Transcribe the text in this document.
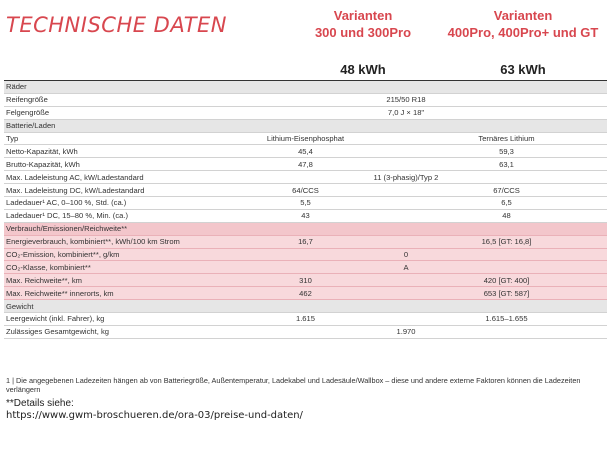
TECHNISCHE DATEN	Varianten
300 und 300Pro
Varianten
400Pro, 400Pro+ und GT
48 kWh	63 kWh
Räder		
Reifengröße	215/50 R18	
Felgengröße	7,0 J × 18"	
Batterie/Laden		
Typ	Lithium-Eisenphosphat	Ternäres Lithium
Netto-Kapazität, kWh	45,4	59,3
Brutto-Kapazität, kWh	47,8	63,1
Max. Ladeleistung AC, kW/Ladestandard	11 (3-phasig)/Typ 2	
Max. Ladeleistung DC, kW/Ladestandard	64/CCS	67/CCS
Ladedauer¹ AC, 0–100 %, Std. (ca.)	5,5	6,5
Ladedauer¹ DC, 15–80 %, Min. (ca.)	43	48
Verbrauch/Emissionen/Reichweite**		
Energieverbrauch, kombiniert**, kWh/100 km Strom	16,7	16,5 [GT: 16,8]
CO₂-Emission, kombiniert**, g/km	0	
CO₂-Klasse, kombiniert**	A	
Max. Reichweite**, km	310	420 [GT: 400]
Max. Reichweite** innerorts, km	462	653 [GT: 587]
Gewicht		
Leergewicht (inkl. Fahrer), kg	1.615	1.615–1.655
Zulässiges Gesamtgewicht, kg	1.970	
1 | Die angegebenen Ladezeiten hängen ab von Batteriegröße, Außentemperatur, Ladekabel und Ladesäule/Wallbox – diese und andere externe Faktoren können die Ladezeiten verlängern
**Details siehe:
https://www.gwm-broschueren.de/ora-03/preise-und-daten/
